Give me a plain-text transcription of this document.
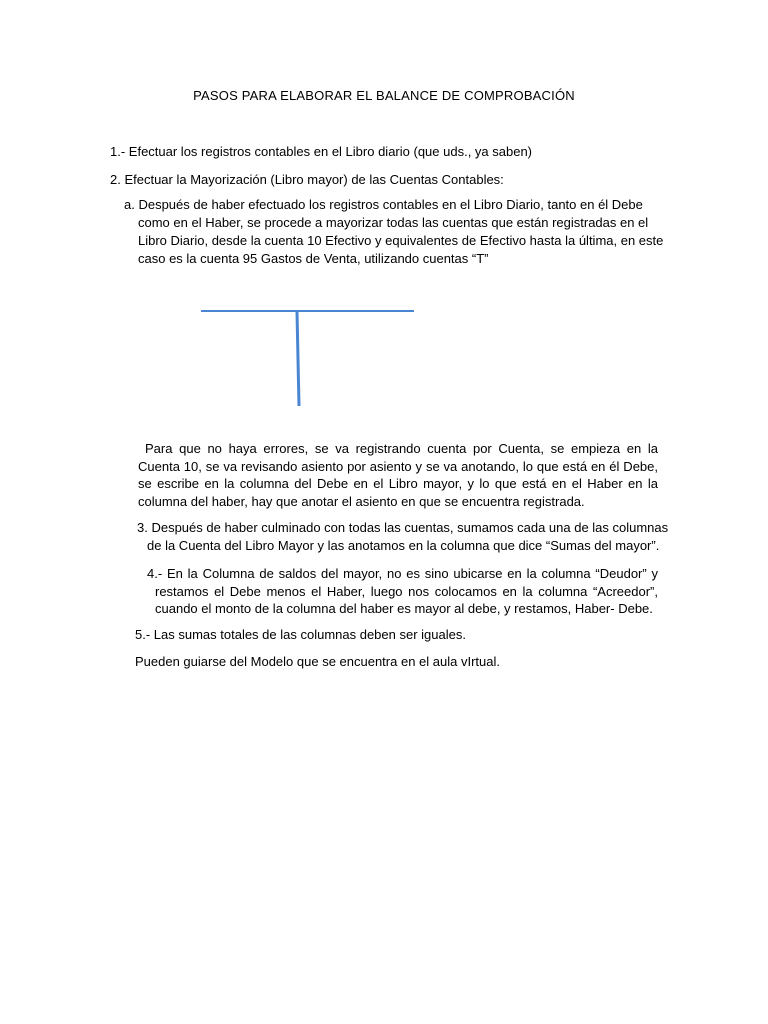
PASOS PARA ELABORAR EL BALANCE DE COMPROBACIÓN

1.- Efectuar los registros contables en el Libro diario (que uds., ya saben)

2. Efectuar la Mayorización (Libro mayor) de las Cuentas Contables:

a. Después de haber efectuado los registros contables en el Libro Diario, tanto en él Debe

como en el Haber, se procede a mayorizar todas las cuentas que están registradas en el

Libro Diario, desde la cuenta 10 Efectivo y equivalentes de Efectivo hasta la última, en este

caso es la cuenta 95 Gastos de Venta, utilizando cuentas “T”

Para que no haya errores, se va registrando cuenta por Cuenta, se empieza en la Cuenta 10, se va revisando asiento por asiento y se va anotando, lo que está en él Debe, se escribe en la columna del Debe en el Libro mayor, y lo que está en el Haber en la columna del haber, hay que anotar el asiento en que se encuentra registrada.

3. Después de haber culminado con todas las cuentas, sumamos cada una de las columnas

de la Cuenta del Libro Mayor y las anotamos en la columna que dice “Sumas del mayor”.

4.- En la Columna de saldos del mayor, no es sino ubicarse en la columna “Deudor” y restamos el Debe menos el Haber, luego nos colocamos en la columna “Acreedor”, cuando el monto de la columna del haber es mayor al debe, y restamos, Haber- Debe.

5.- Las sumas totales de las columnas deben ser iguales.

Pueden guiarse del Modelo que se encuentra en el aula vIrtual.
